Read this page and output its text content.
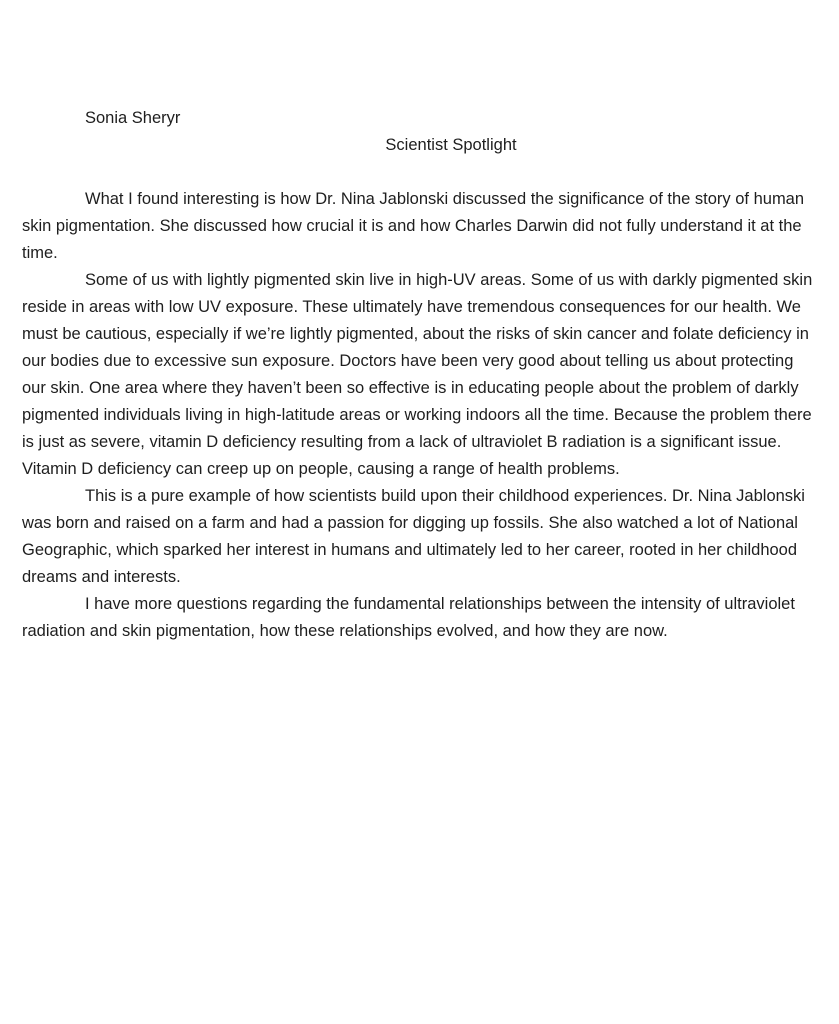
Sonia Sheryr
Scientist Spotlight

What I found interesting is how Dr. Nina Jablonski discussed the significance of the story of human skin pigmentation. She discussed how crucial it is and how Charles Darwin did not fully understand it at the time.

Some of us with lightly pigmented skin live in high-UV areas. Some of us with darkly pigmented skin reside in areas with low UV exposure. These ultimately have tremendous consequences for our health. We must be cautious, especially if we’re lightly pigmented, about the risks of skin cancer and folate deficiency in our bodies due to excessive sun exposure. Doctors have been very good about telling us about protecting our skin. One area where they haven’t been so effective is in educating people about the problem of darkly pigmented individuals living in high-latitude areas or working indoors all the time. Because the problem there is just as severe, vitamin D deficiency resulting from a lack of ultraviolet B radiation is a significant issue. Vitamin D deficiency can creep up on people, causing a range of health problems.

This is a pure example of how scientists build upon their childhood experiences. Dr. Nina Jablonski was born and raised on a farm and had a passion for digging up fossils. She also watched a lot of National Geographic, which sparked her interest in humans and ultimately led to her career, rooted in her childhood dreams and interests.

I have more questions regarding the fundamental relationships between the intensity of ultraviolet radiation and skin pigmentation, how these relationships evolved, and how they are now.
